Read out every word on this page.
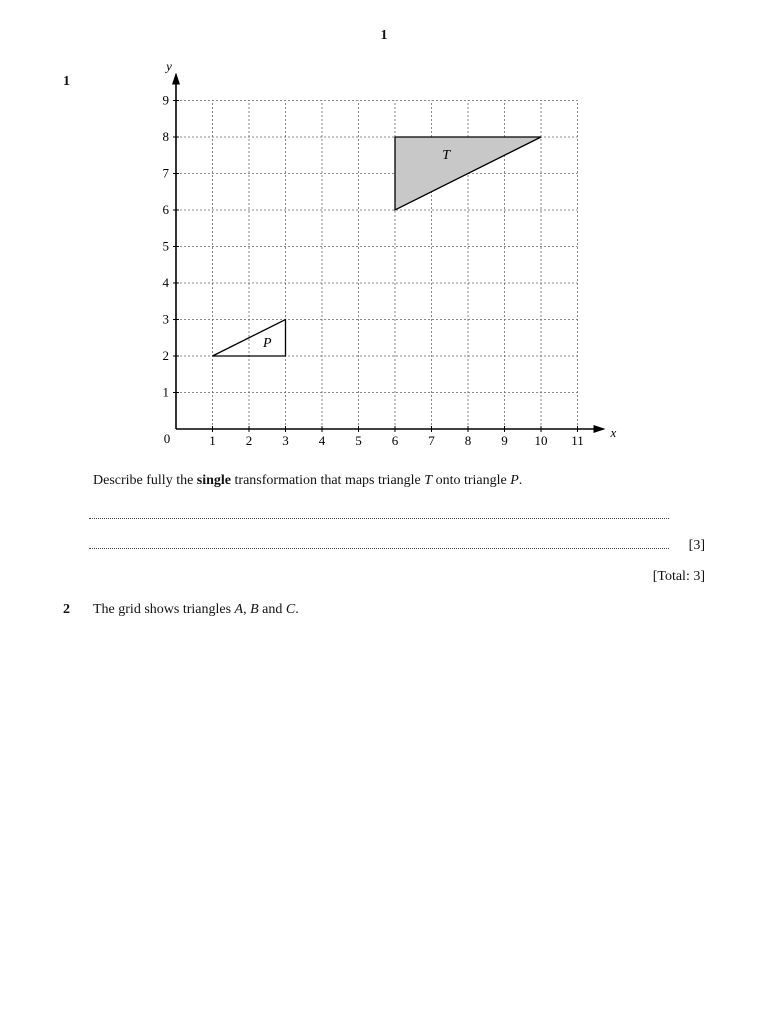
1
1
T
P
1 2 3 4 5 6 7 8 9 10 11
1
2
3
4
5
6
7
8
9
0	x
y
Describe fully the single transformation that maps triangle T onto triangle P.
[3]
[Total: 3]
2 The grid shows triangles A, B and C.
